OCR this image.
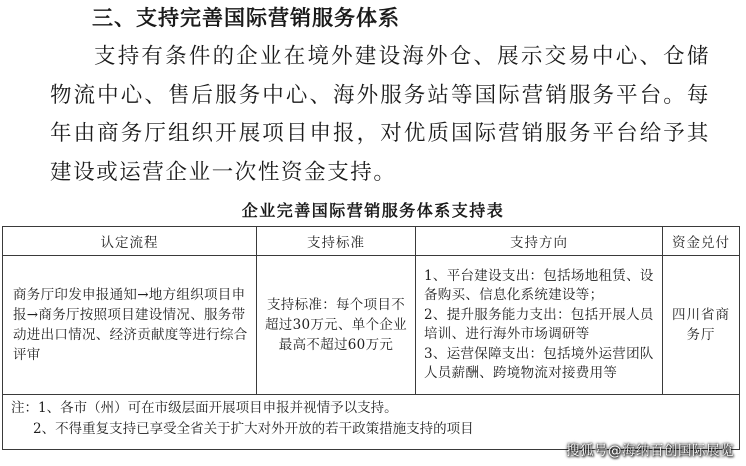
三、支持完善国际营销服务体系

支持有条件的企业在境外建设海外仓、展示交易中心、仓储物流中心、售后服务中心、海外服务站等国际营销服务平台。每年由商务厅组织开展项目申报，对优质国际营销服务平台给予其建设或运营企业一次性资金支持。

企业完善国际营销服务体系支持表
认定流程	支持标准	支持方向	资金兑付
商务厅印发申报通知→地方组织项目申报→商务厅按照项目建设情况、服务带动进出口情况、经济贡献度等进行综合评审	支持标准：每个项目不超过30万元、单个企业最高不超过60万元	1、平台建设支出：包括场地租赁、设备购买、信息化系统建设等；
2、提升服务能力支出：包括开展人员培训、进行海外市场调研等
3、运营保障支出：包括境外运营团队人员薪酬、跨境物流对接费用等	四川省商务厅

注：1、各市（州）可在市级层面开展项目申报并视情予以支持。
2、不得重复支持已享受全省关于扩大对外开放的若干政策措施支持的项目			
搜狐号@海纳百创国际展览
